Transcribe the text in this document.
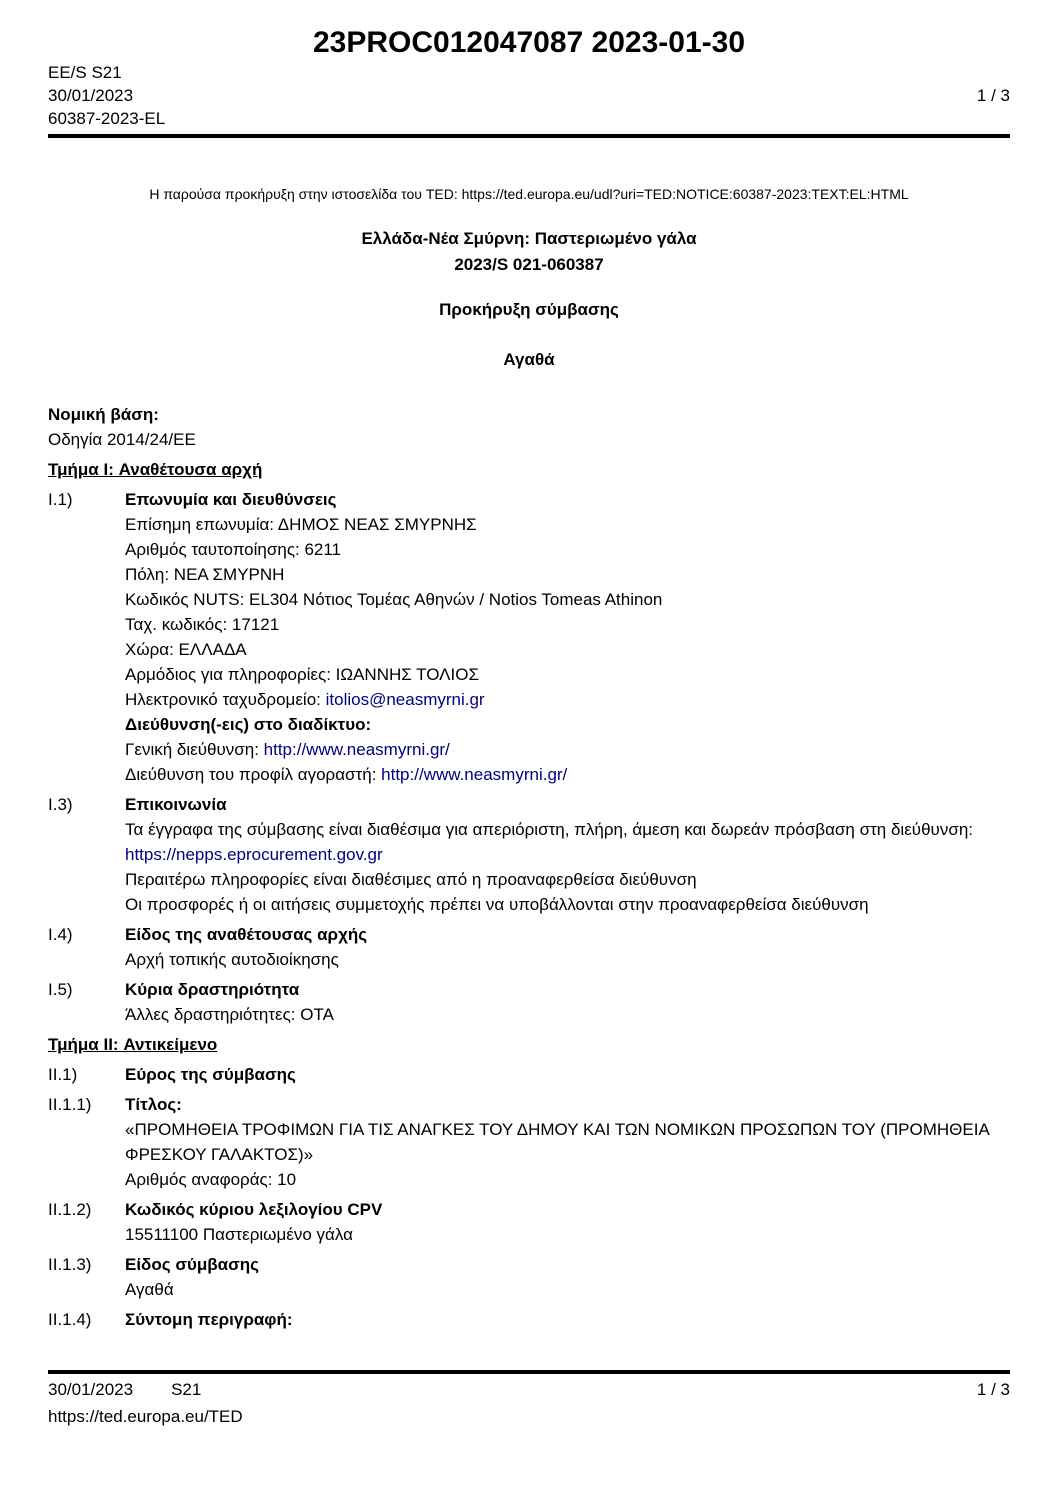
23PROC012047087 2023-01-30
EE/S S21
30/01/2023	1 / 3
60387-2023-EL
Η παρούσα προκήρυξη στην ιστοσελίδα του TED: https://ted.europa.eu/udl?uri=TED:NOTICE:60387-2023:TEXT:EL:HTML
Ελλάδα-Νέα Σμύρνη: Παστεριωμένο γάλα
2023/S 021-060387
Προκήρυξη σύμβασης
Αγαθά
Νομική βάση:
Οδηγία 2014/24/ΕΕ
Τμήμα I: Αναθέτουσα αρχή
I.1)	Επωνυμία και διευθύνσεις
Επίσημη επωνυμία: ΔΗΜΟΣ ΝΕΑΣ ΣΜΥΡΝΗΣ
Αριθμός ταυτοποίησης: 6211
Πόλη: ΝΕΑ ΣΜΥΡΝΗ
Κωδικός NUTS: EL304 Νότιος Τομέας Αθηνών / Notios Tomeas Athinon
Ταχ. κωδικός: 17121
Χώρα: ΕΛΛΑΔΑ
Αρμόδιος για πληροφορίες: ΙΩΑΝΝΗΣ ΤΟΛΙΟΣ
Ηλεκτρονικό ταχυδρομείο: itolios@neasmyrni.gr
Διεύθυνση(-εις) στο διαδίκτυο:
Γενική διεύθυνση: http://www.neasmyrni.gr/
Διεύθυνση του προφίλ αγοραστή: http://www.neasmyrni.gr/
I.3)	Επικοινωνία
Τα έγγραφα της σύμβασης είναι διαθέσιμα για απεριόριστη, πλήρη, άμεση και δωρεάν πρόσβαση στη διεύθυνση: https://nepps.eprocurement.gov.gr
Περαιτέρω πληροφορίες είναι διαθέσιμες από η προαναφερθείσα διεύθυνση
Οι προσφορές ή οι αιτήσεις συμμετοχής πρέπει να υποβάλλονται στην προαναφερθείσα διεύθυνση
I.4)	Είδος της αναθέτουσας αρχής
Αρχή τοπικής αυτοδιοίκησης
I.5)	Κύρια δραστηριότητα
Άλλες δραστηριότητες: ΟΤΑ
Τμήμα II: Αντικείμενο
II.1)	Εύρος της σύμβασης
II.1.1)	Τίτλος:
«ΠΡΟΜΗΘΕΙΑ ΤΡΟΦΙΜΩΝ ΓΙΑ ΤΙΣ ΑΝΑΓΚΕΣ ΤΟΥ ΔΗΜΟΥ ΚΑΙ ΤΩΝ ΝΟΜΙΚΩΝ ΠΡΟΣΩΠΩΝ ΤΟΥ (ΠΡΟΜΗΘΕΙΑ ΦΡΕΣΚΟΥ ΓΑΛΑΚΤΟΣ)»
Αριθμός αναφοράς: 10
II.1.2)	Κωδικός κύριου λεξιλογίου CPV
15511100 Παστεριωμένο γάλα
II.1.3)	Είδος σύμβασης
Αγαθά
II.1.4)	Σύντομη περιγραφή:
30/01/2023 S21	1 / 3
https://ted.europa.eu/TED
